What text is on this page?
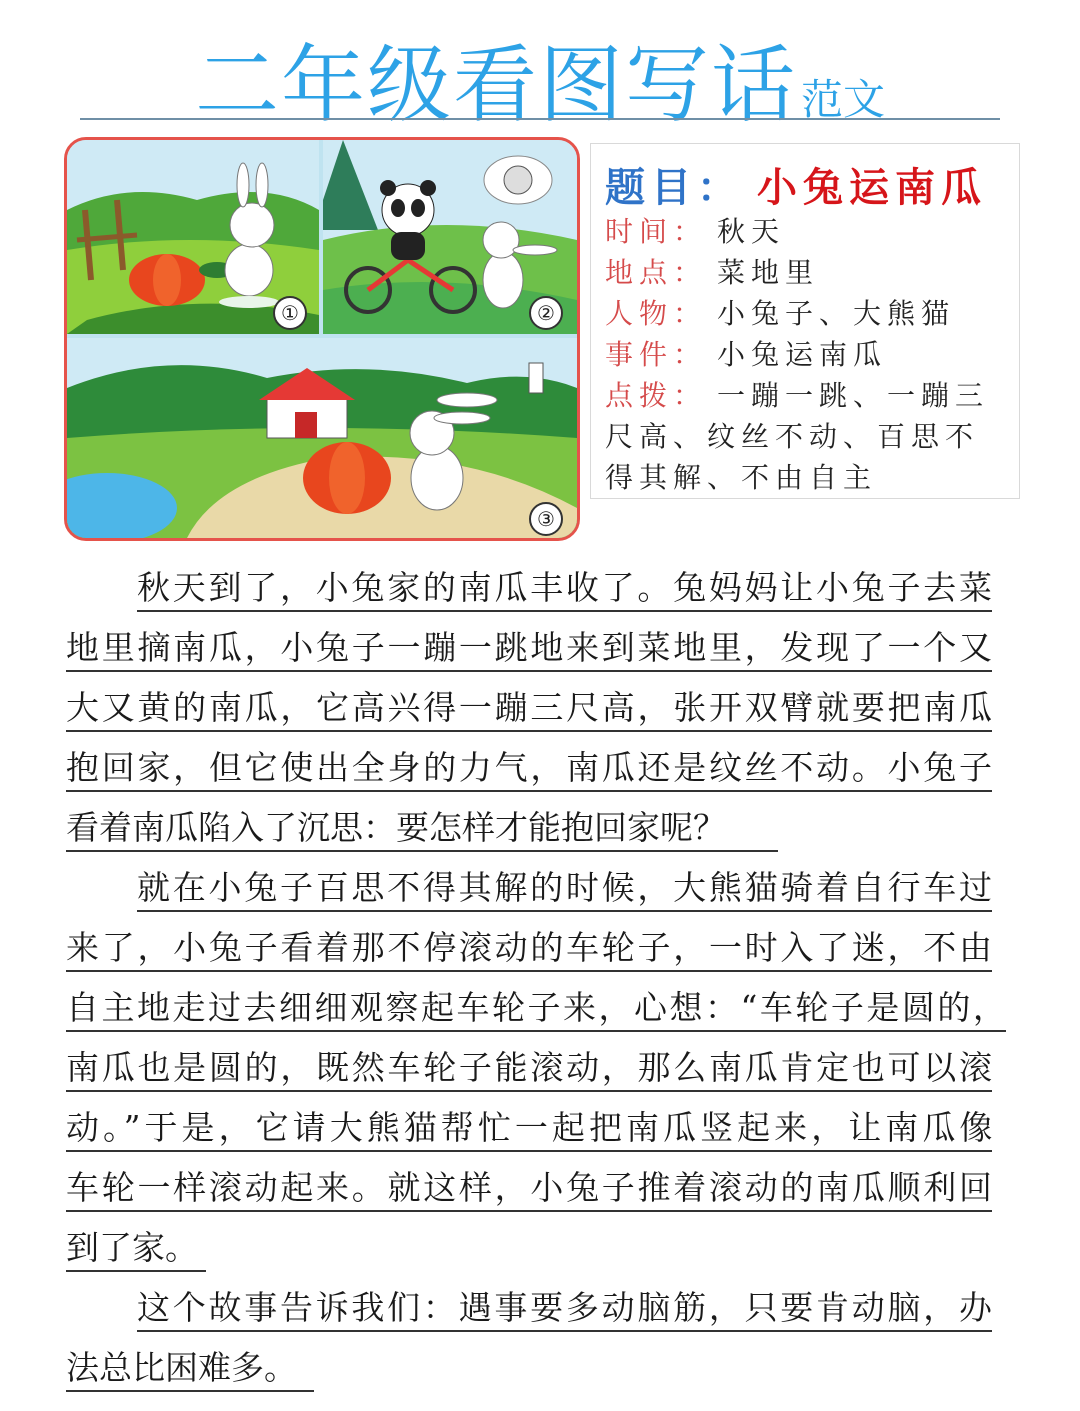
二年级看图写话范文
①	②
③
题目： 小兔运南瓜
时间： 秋天
地点： 菜地里
人物： 小兔子、大熊猫
事件： 小兔运南瓜
点拨： 一蹦一跳、一蹦三
尺高、纹丝不动、百思不
得其解、不由自主
秋天到了，小兔家的南瓜丰收了。兔妈妈让小兔子去菜
地里摘南瓜，小兔子一蹦一跳地来到菜地里，发现了一个又
大又黄的南瓜，它高兴得一蹦三尺高，张开双臂就要把南瓜
抱回家，但它使出全身的力气，南瓜还是纹丝不动。小兔子
看着南瓜陷入了沉思：要怎样才能抱回家呢？
就在小兔子百思不得其解的时候，大熊猫骑着自行车过
来了，小兔子看着那不停滚动的车轮子，一时入了迷，不由
自主地走过去细细观察起车轮子来，心想：“车轮子是圆的，
南瓜也是圆的，既然车轮子能滚动，那么南瓜肯定也可以滚
动。”于是，它请大熊猫帮忙一起把南瓜竖起来，让南瓜像
车轮一样滚动起来。就这样，小兔子推着滚动的南瓜顺利回
到了家。
这个故事告诉我们：遇事要多动脑筋，只要肯动脑，办
法总比困难多。
